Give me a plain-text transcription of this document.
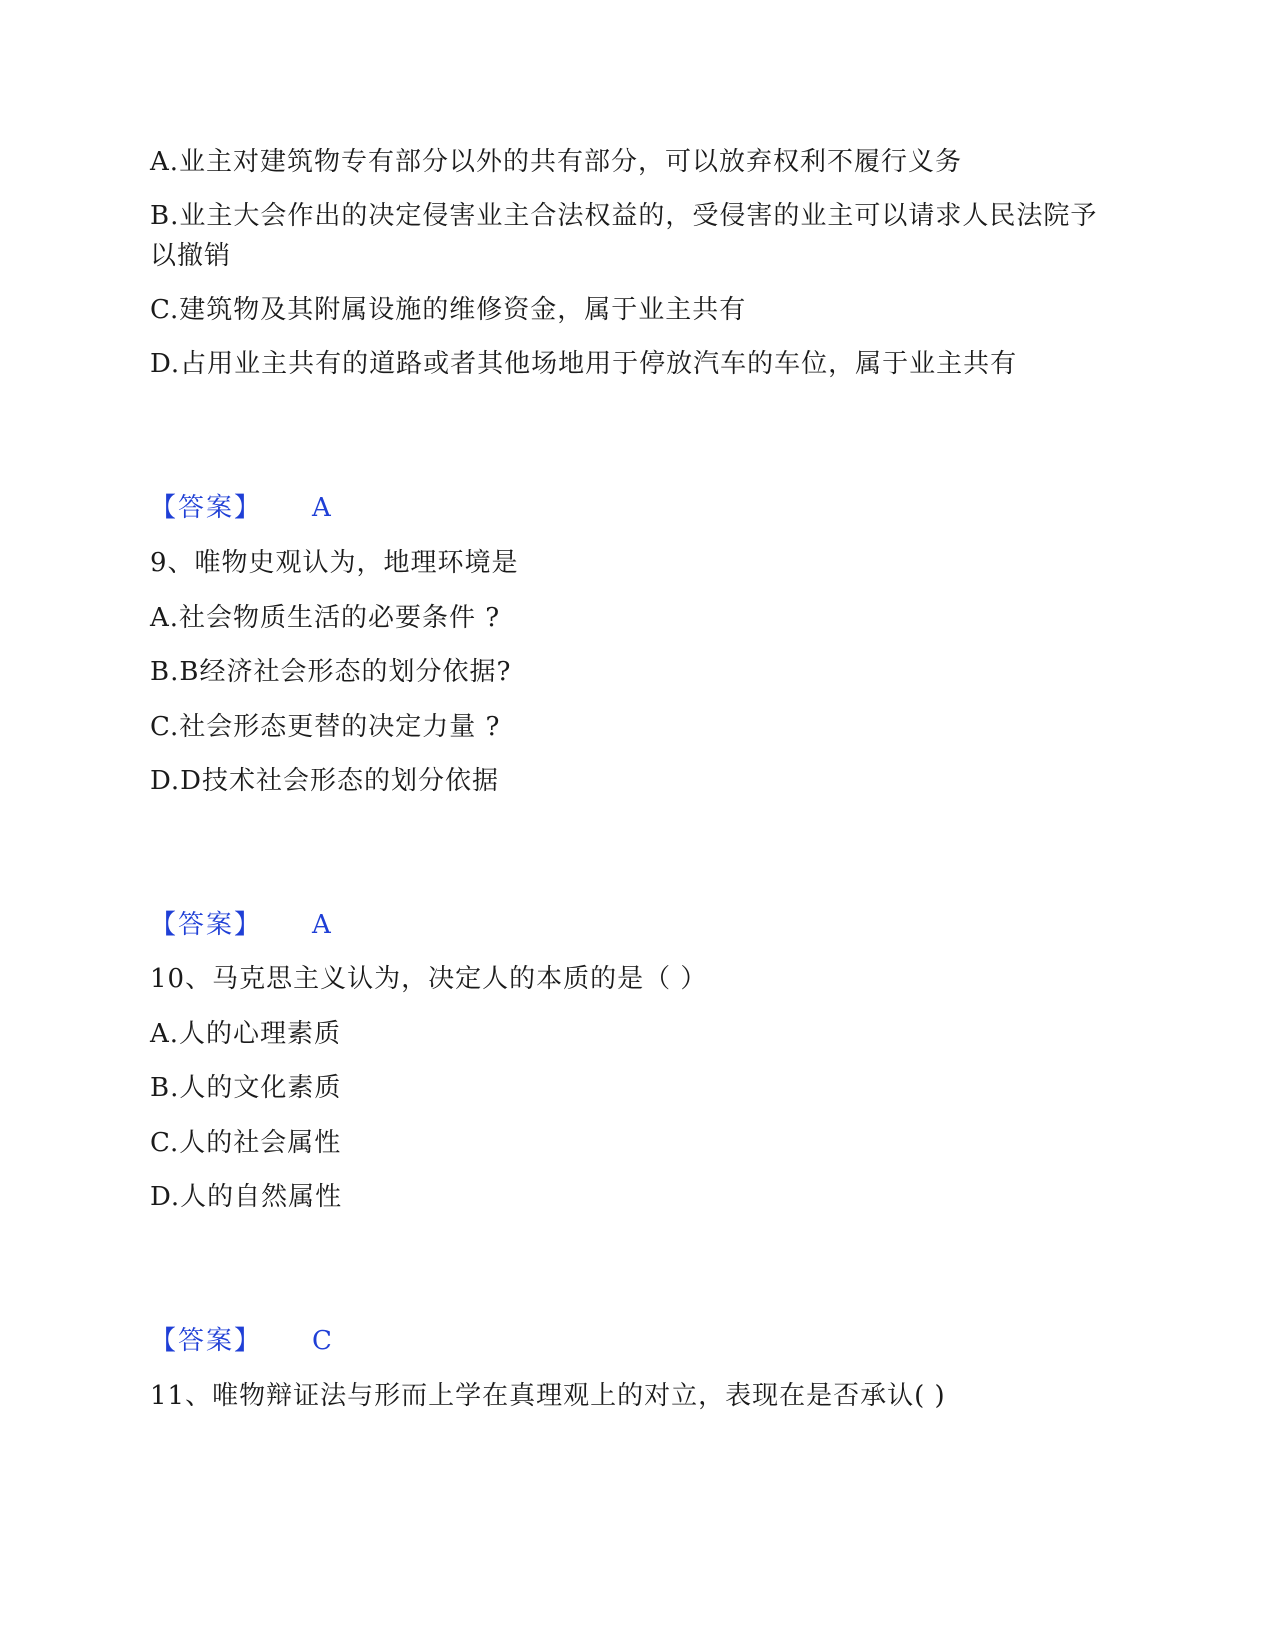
A.业主对建筑物专有部分以外的共有部分，可以放弃权利不履行义务
B.业主大会作出的决定侵害业主合法权益的，受侵害的业主可以请求人民法院予以撤销
C.建筑物及其附属设施的维修资金，属于业主共有
D.占用业主共有的道路或者其他场地用于停放汽车的车位，属于业主共有
【答案】 A
9、唯物史观认为，地理环境是
A.社会物质生活的必要条件 ?
B.B经济社会形态的划分依据?
C.社会形态更替的决定力量 ?
D.D技术社会形态的划分依据
【答案】 A
10、马克思主义认为，决定人的本质的是（ ）
A.人的心理素质
B.人的文化素质
C.人的社会属性
D.人的自然属性
【答案】 C
11、唯物辩证法与形而上学在真理观上的对立，表现在是否承认( )
